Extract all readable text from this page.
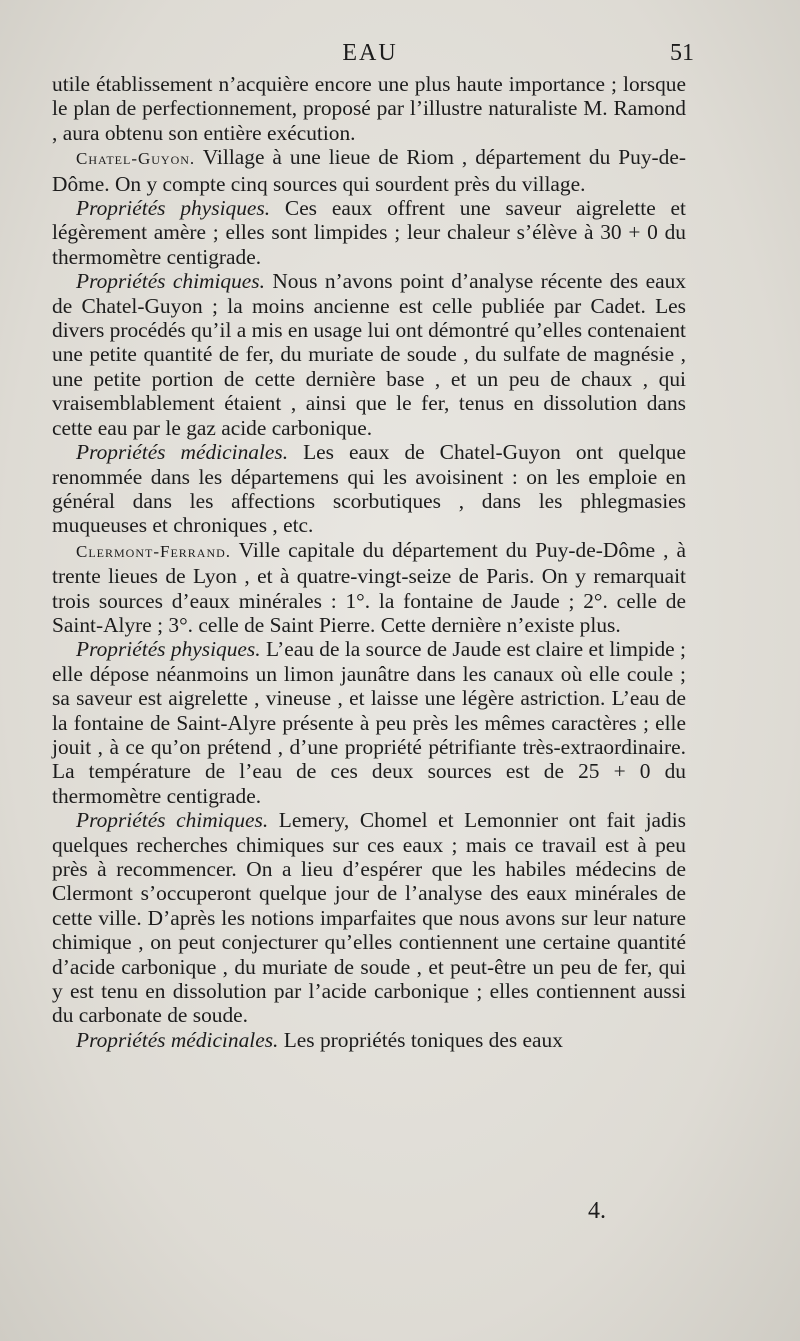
EAU	51

utile établissement n’acquière encore une plus haute importance ; lorsque le plan de perfectionnement, proposé par l’illustre naturaliste M. Ramond , aura obtenu son entière exécution.

Chatel-Guyon. Village à une lieue de Riom , département du Puy-de-Dôme. On y compte cinq sources qui sourdent près du village.

Propriétés physiques. Ces eaux offrent une saveur aigrelette et légèrement amère ; elles sont limpides ; leur chaleur s’élève à 30 + 0 du thermomètre centigrade.

Propriétés chimiques. Nous n’avons point d’analyse récente des eaux de Chatel-Guyon ; la moins ancienne est celle publiée par Cadet. Les divers procédés qu’il a mis en usage lui ont démontré qu’elles contenaient une petite quantité de fer, du muriate de soude , du sulfate de magnésie , une petite portion de cette dernière base , et un peu de chaux , qui vraisemblablement étaient , ainsi que le fer, tenus en dissolution dans cette eau par le gaz acide carbonique.

Propriétés médicinales. Les eaux de Chatel-Guyon ont quelque renommée dans les départemens qui les avoisinent : on les emploie en général dans les affections scorbutiques , dans les phlegmasies muqueuses et chroniques , etc.

Clermont-Ferrand. Ville capitale du département du Puy-de-Dôme , à trente lieues de Lyon , et à quatre-vingt-seize de Paris. On y remarquait trois sources d’eaux minérales : 1°. la fontaine de Jaude ; 2°. celle de Saint-Alyre ; 3°. celle de Saint Pierre. Cette dernière n’existe plus.

Propriétés physiques. L’eau de la source de Jaude est claire et limpide ; elle dépose néanmoins un limon jaunâtre dans les canaux où elle coule ; sa saveur est aigrelette , vineuse , et laisse une légère astriction. L’eau de la fontaine de Saint-Alyre présente à peu près les mêmes caractères ; elle jouit , à ce qu’on prétend , d’une propriété pétrifiante très-extraordinaire. La température de l’eau de ces deux sources est de 25 + 0 du thermomètre centigrade.

Propriétés chimiques. Lemery, Chomel et Lemonnier ont fait jadis quelques recherches chimiques sur ces eaux ; mais ce travail est à peu près à recommencer. On a lieu d’espérer que les habiles médecins de Clermont s’occuperont quelque jour de l’analyse des eaux minérales de cette ville. D’après les notions imparfaites que nous avons sur leur nature chimique , on peut conjecturer qu’elles contiennent une certaine quantité d’acide carbonique , du muriate de soude , et peut-être un peu de fer, qui y est tenu en dissolution par l’acide carbonique ; elles contiennent aussi du carbonate de soude.

Propriétés médicinales. Les propriétés toniques des eaux

4.
